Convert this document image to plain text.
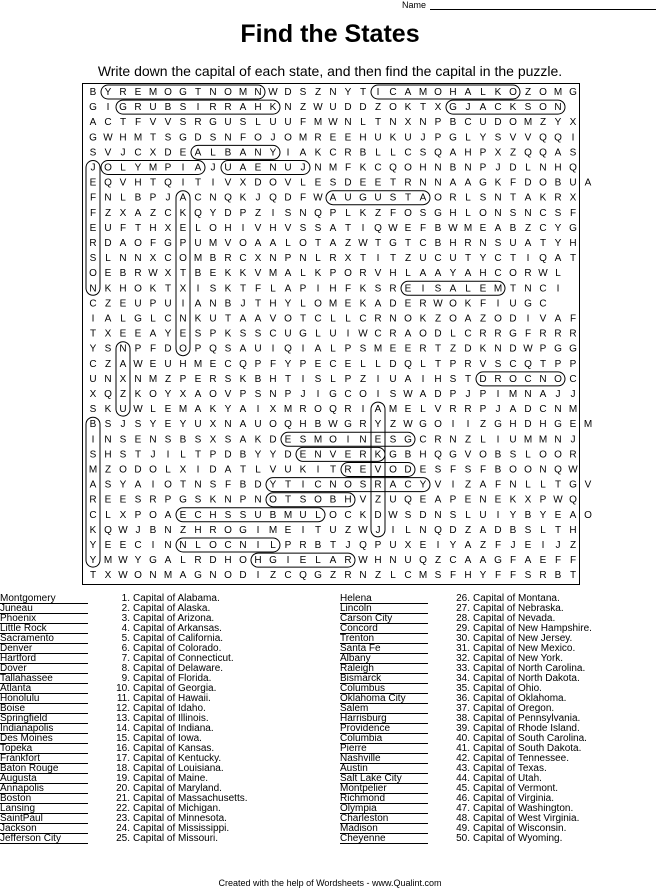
Name
Find the States
Write down the capital of each state, and then find the capital in the puzzle.
B Y R E M O G T N O M N W D S Z N Y T I C A M O H A L K O Z O M G
G I G R U B S I R R A H K N Z W U D D Z O K T X G J A C K S O N
A C T F V V S R G U S L U U F M W N L T N X N P B C U D O M Z Y X
G W H M T S G D S N F O J O M R E E H U K U J P G L Y S V V Q Q I
S V J C X D E A L B A N Y I A K C R B L L C S Q A H P X Z Q Q A S
J O L Y M P I A J U A E N U J N M F K C Q O H N B N P J D L N H Q
E Q V H T Q I T I V X D O V L E S D E E T R N N A A G K F D O B U A
F N L B P J A C N Q K J Q D F W A U G U S T A O R L S N T A K R X
F Z X A Z C K Q Y D P Z I S N Q P L K Z F O S G H L O N S N C S F
E U F T H X E L O H I V H V S S A T I Q W E F B W M E A B Z C Y G
R D A O F G P U M V O A A L O T A Z W T G T C B H R N S U A T Y H
S L N N X C O M B R C X N P N L R X T I T Z U C U T Y C T I Q A T
O E B R W X T B E K K V M A L K P O R V H L A A Y A H C O R W L
N K H O K T X I S K T F L A P I H F K S R E I S A L E M T N C I
C Z E U P U I A N B J T H Y L O M E K A D E R W O K F I U G C
I A L G L C N K U T A A V O T C L L C R N O K Z O A Z O D I V A F
T X E E A Y E S P K S S C U G L U I W C R A O D L C R R G F R R R
Y S N P F D O P Q S A U I Q I A L P S M E E R T Z D K N D W P G G
C Z A W E U H M E C Q P F Y P E C E L L D Q L T P R V S C Q T P P
U N X N M Z P E R S K B H T I S L P Z I U A I H S T D R O C N O C
X Q Z K O Y X A O V P S N P J I G C O I S W A D P J P I M N A J J
S K U W L E M A K Y A I X M R O Q R I A M E L V R R P J A D C N M
B S J S Y E Y U X N A U O Q H B W G R Y Z W G O I I Z G H D H G E M
I N S E N S B S X S A K D E S M O I N E S G C R N Z L I U M M N J
S H S T J I L T P D B Y Y D E N V E R K G B H Q G V O B S L O O R
M Z O D O L X I D A T L V U K I T R E V O D E S F S F B O O N Q W
A S Y A I O T N S F B D Y T I C N O S R A C Y V I Z A F N L L T G V
R E E S R P G S K N P N O T S O B H V Z U Q E A P E N E K X P W Q
C L X P O A E C H S S U B M U L O C K D W S D N S L U I Y B Y E A O
K Q W J B N Z H R O G I M E I T U Z W J I L N Q D Z A D B S L T H
Y E E C I N N L O C N I L P R B T J Q P U X E I Y A Z F J E I J Z
Y M W Y G A L R D H O H G I E L A R W H N U Q Z C A A G F A E F F
T X W O N M A G N O D I Z C Q G Z R N Z L C M S F H Y F F S R B T
Montgomery	1. Capital of Alabama.
Juneau	2. Capital of Alaska.
Phoenix	3. Capital of Arizona.
Little Rock	4. Capital of Arkansas.
Sacramento	5. Capital of California.
Denver	6. Capital of Colorado.
Hartford	7. Capital of Connecticut.
Dover	8. Capital of Delaware.
Tallahassee	9. Capital of Florida.
Atlanta	10. Capital of Georgia.
Honolulu	11. Capital of Hawaii.
Boise	12. Capital of Idaho.
Springfield	13. Capital of Illinois.
Indianapolis	14. Capital of Indiana.
Des Moines	15. Capital of Iowa.
Topeka	16. Capital of Kansas.
Frankfort	17. Capital of Kentucky.
Baton Rouge	18. Capital of Louisiana.
Augusta	19. Capital of Maine.
Annapolis	20. Capital of Maryland.
Boston	21. Capital of Massachusetts.
Lansing	22. Capital of Michigan.
SaintPaul	23. Capital of Minnesota.
Jackson	24. Capital of Mississippi.
Jefferson City	25. Capital of Missouri.
Helena	26. Capital of Montana.
Lincoln	27. Capital of Nebraska.
Carson City	28. Capital of Nevada.
Concord	29. Capital of New Hampshire.
Trenton	30. Capital of New Jersey.
Santa Fe	31. Capital of New Mexico.
Albany	32. Capital of New York.
Raleigh	33. Capital of North Carolina.
Bismarck	34. Capital of North Dakota.
Columbus	35. Capital of Ohio.
Oklahoma City	36. Capital of Oklahoma.
Salem	37. Capital of Oregon.
Harrisburg	38. Capital of Pennsylvania.
Providence	39. Capital of Rhode Island.
Columbia	40. Capital of South Carolina.
Pierre	41. Capital of South Dakota.
Nashville	42. Capital of Tennessee.
Austin	43. Capital of Texas.
Salt Lake City	44. Capital of Utah.
Montpelier	45. Capital of Vermont.
Richmond	46. Capital of Virginia.
Olympia	47. Capital of Washington.
Charleston	48. Capital of West Virginia.
Madison	49. Capital of Wisconsin.
Cheyenne	50. Capital of Wyoming.
Created with the help of Wordsheets - www.Qualint.com
